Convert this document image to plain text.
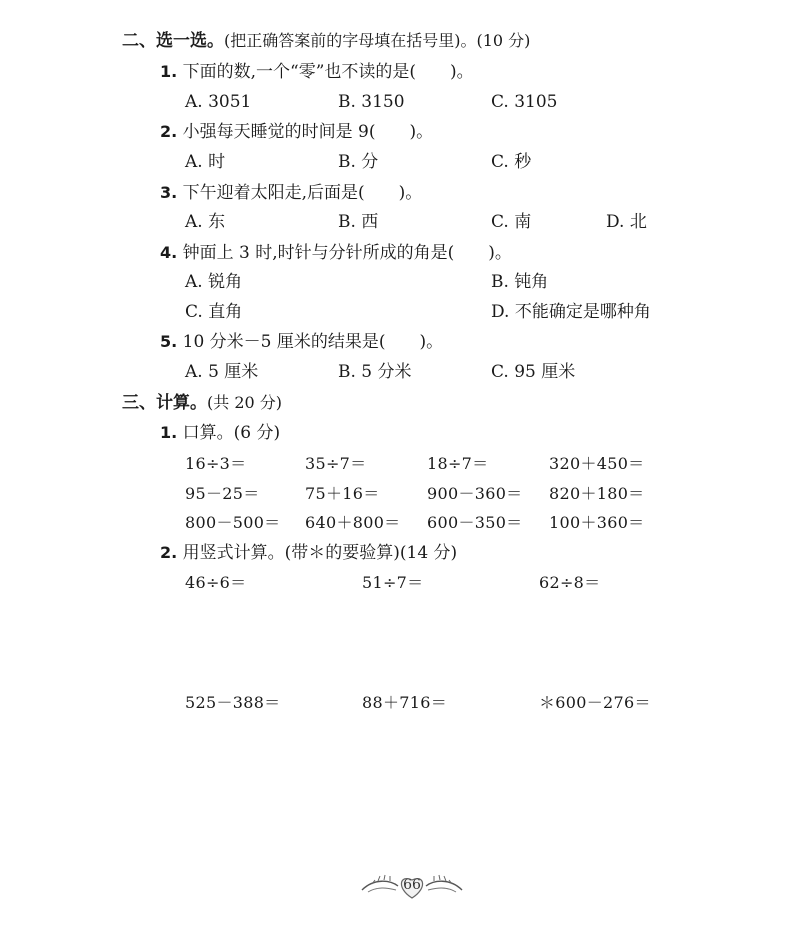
二、选一选。(把正确答案前的字母填在括号里)。(10 分)
1. 下面的数,一个“零”也不读的是(　　)。
A. 3051	B. 3150	C. 3105
2. 小强每天睡觉的时间是 9(　　)。
A. 时	B. 分	C. 秒
3. 下午迎着太阳走,后面是(　　)。
A. 东	B. 西	C. 南	D. 北
4. 钟面上 3 时,时针与分针所成的角是(　　)。
A. 锐角	B. 钝角
C. 直角	D. 不能确定是哪种角
5. 10 分米－5 厘米的结果是(　　)。
A. 5 厘米	B. 5 分米	C. 95 厘米
三、计算。(共 20 分)
1. 口算。(6 分)
16÷3＝	35÷7＝	18÷7＝	320＋450＝
95－25＝	75＋16＝	900－360＝ 820＋180＝
800－500＝ 640＋800＝ 600－350＝ 100＋360＝
2. 用竖式计算。(带＊的要验算)(14 分)
46÷6＝	51÷7＝	62÷8＝
525－388＝	88＋716＝	＊600－276＝
66
